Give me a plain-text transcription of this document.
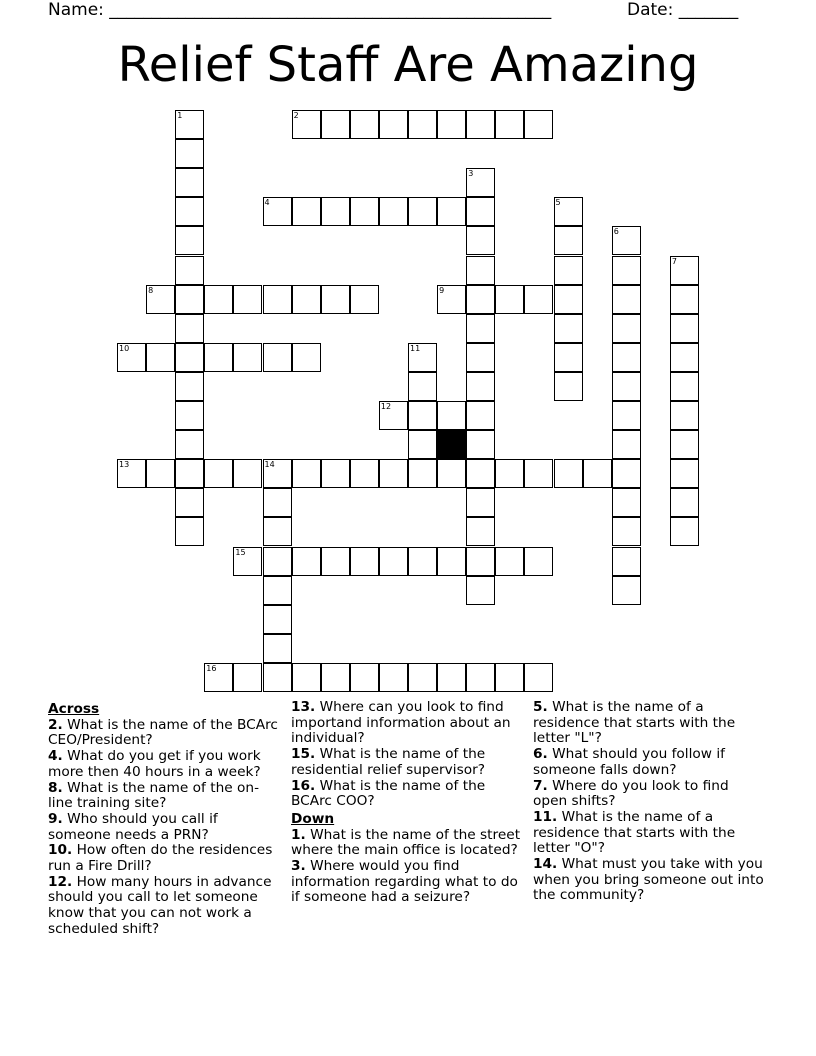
Name: ____________________________________________________	Date: _______
Relief Staff Are Amazing
1	2
3
4	5
6
7
8	9
10	11
12
13	14
15
16
Across
2. What is the name of the BCArc CEO/President?
4. What do you get if you work more then 40 hours in a week?
8. What is the name of the on-line training site?
9. Who should you call if someone needs a PRN?
10. How often do the residences run a Fire Drill?
12. How many hours in advance should you call to let someone know that you can not work a scheduled shift?
13. Where can you look to find importand information about an individual?
15. What is the name of the residential relief supervisor?
16. What is the name of the BCArc COO?
Down
1. What is the name of the street where the main office is located?
3. Where would you find information regarding what to do if someone had a seizure?
5. What is the name of a residence that starts with the letter "L"?
6. What should you follow if someone falls down?
7. Where do you look to find open shifts?
11. What is the name of a residence that starts with the letter "O"?
14. What must you take with you when you bring someone out into the community?
